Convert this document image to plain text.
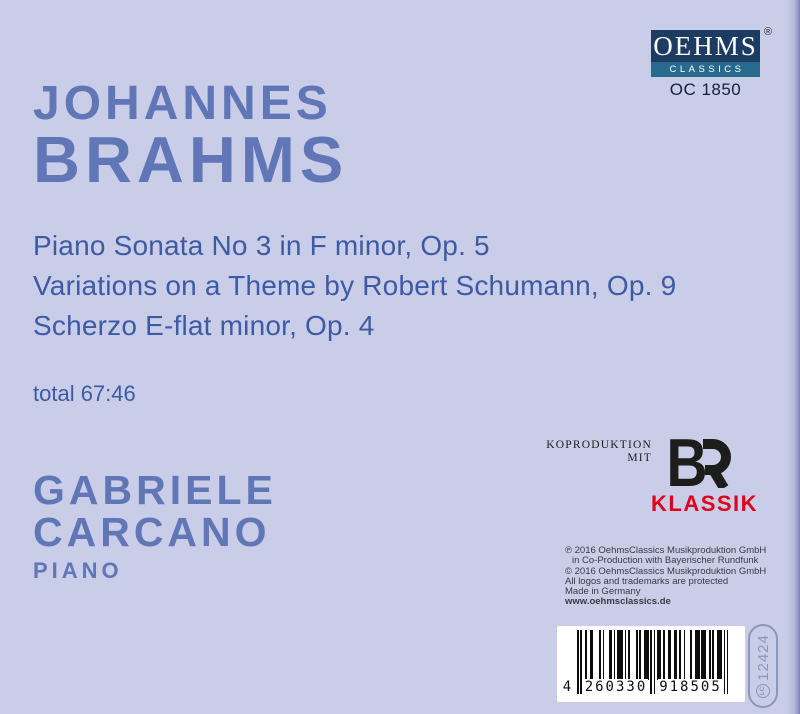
OEHMS
CLASSICS
®
OC 1850
JOHANNES
BRAHMS
Piano Sonata No 3 in F minor, Op. 5
Variations on a Theme by Robert Schumann, Op. 9
Scherzo E-flat minor, Op. 4
total 67:46
GABRIELE
CARCANO
PIANO
KOPRODUKTION
MIT B
KLASSIK
℗ 2016 OehmsClassics Musikproduktion GmbH
in Co-Production with Bayerischer Rundfunk
© 2016 OehmsClassics Musikproduktion GmbH
All logos and trademarks are protected
Made in Germany
www.oehmsclassics.de
4 260330 918505	LC
12424
